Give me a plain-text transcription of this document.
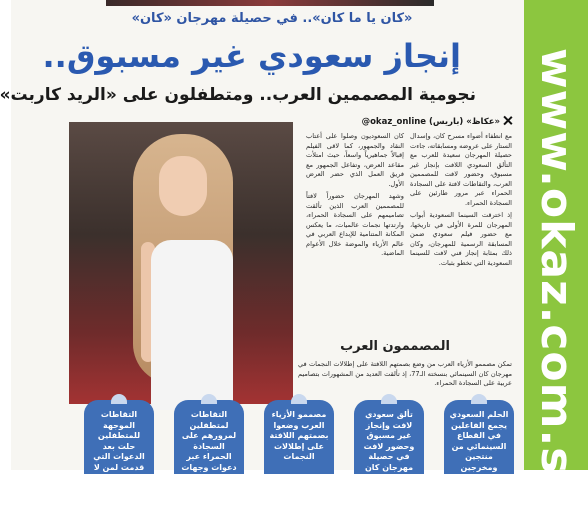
«كان يا ما كان».. في حصيلة مهرجان «كان»
إنجاز سعودي غير مسبوق..
نجومية المصممين العرب.. ومتطفلون على «الريد كاربت»
«عكاظ» (باريس) okaz_online@

مع انطفاء أضواء مسرح كان، وإسدال الستار على عروضه ومسابقاته، جاءت حصيلة المهرجان سعيدة للعرب مع التألق السعودي اللافت بإنجاز غير مسبوق، وحضور لافت للمصممين العرب، والتقاطات لافتة على السجادة الحمراء عبر مرور طارئين على السجادة الحمراء.

إذ اخترقت السينما السعودية أبواب المهرجان للمرة الأولى في تاريخها، مع حضور فيلم سعودي ضمن المسابقة الرسمية للمهرجان، وكان ذلك بمثابة إنجاز فني لافت للسينما السعودية التي تخطو بثبات.

كان السعوديون وصلوا على أعتاب النقاد والجمهور، كما لاقى الفيلم إقبالاً جماهيرياً واسعاً، حيث امتلأت مقاعد العرض، وتفاعل الجمهور مع فريق العمل الذي حضر العرض الأول.

وشهد المهرجان حضوراً لافتاً للمصممين العرب الذين تألقت تصاميمهم على السجادة الحمراء، وارتدتها نجمات عالميات، ما يعكس المكانة المتنامية للإبداع العربي في عالم الأزياء والموضة خلال الأعوام الماضية.

المصممون العرب
تمكن مصممو الأزياء العرب من وضع بصمتهم اللافتة على إطلالات النجمات في مهرجان كان السينمائي بنسخته الـ77، إذ تألقت العديد من المشهورات بتصاميم عربية على السجادة الحمراء.
الحلم السعودي يجمع الفاعلين في القطاع السينمائي من منتجين ومخرجين
تألق سعودي لافت وإنجاز غير مسبوق وحضور لافت في حصيلة مهرجان كان
مصممو الأزياء العرب وضعوا بصمتهم اللافتة على إطلالات النجمات
التقاطات لمتطفلين لمرورهم على السجادة الحمراء عبر دعوات وجهات
التقاطات الموجهة للمتطفلين حلت بعد الدعوات التي قدمت لمن لا علاقة لهم	www.okaz.com.sa
